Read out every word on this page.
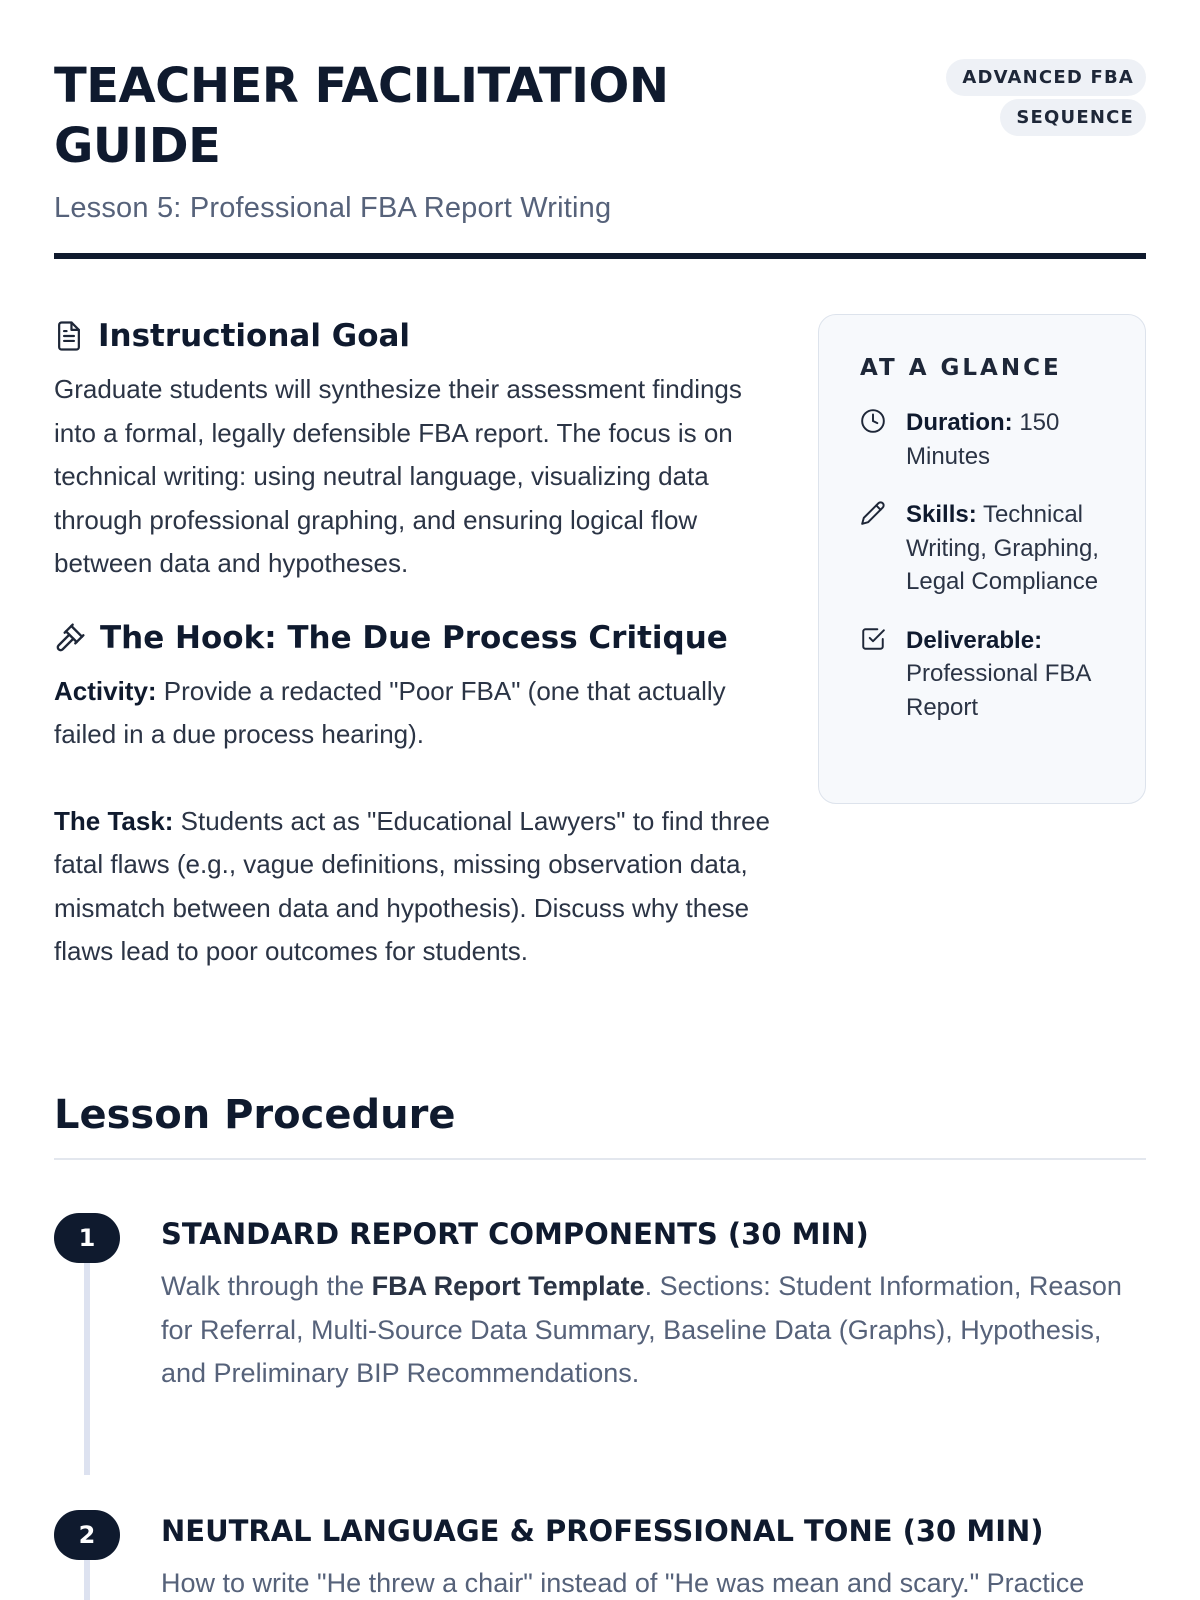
TEACHER FACILITATION GUIDE
Lesson 5: Professional FBA Report Writing
ADVANCED FBA SEQUENCE
Instructional Goal

Graduate students will synthesize their assessment findings into a formal, legally defensible FBA report. The focus is on technical writing: using neutral language, visualizing data through professional graphing, and ensuring logical flow between data and hypotheses.

The Hook: The Due Process Critique

Activity: Provide a redacted "Poor FBA" (one that actually failed in a due process hearing).

The Task: Students act as "Educational Lawyers" to find three fatal flaws (e.g., vague definitions, missing observation data, mismatch between data and hypothesis). Discuss why these flaws lead to poor outcomes for students.

AT A GLANCE
Duration: 150 Minutes
Skills: Technical Writing, Graphing, Legal Compliance
Deliverable: Professional FBA Report
Lesson Procedure
1	STANDARD REPORT COMPONENTS (30 MIN)

Walk through the FBA Report Template. Sections: Student Information, Reason for Referral, Multi-Source Data Summary, Baseline Data (Graphs), Hypothesis, and Preliminary BIP Recommendations.

2	NEUTRAL LANGUAGE & PROFESSIONAL TONE (30 MIN)

How to write "He threw a chair" instead of "He was mean and scary." Practice
